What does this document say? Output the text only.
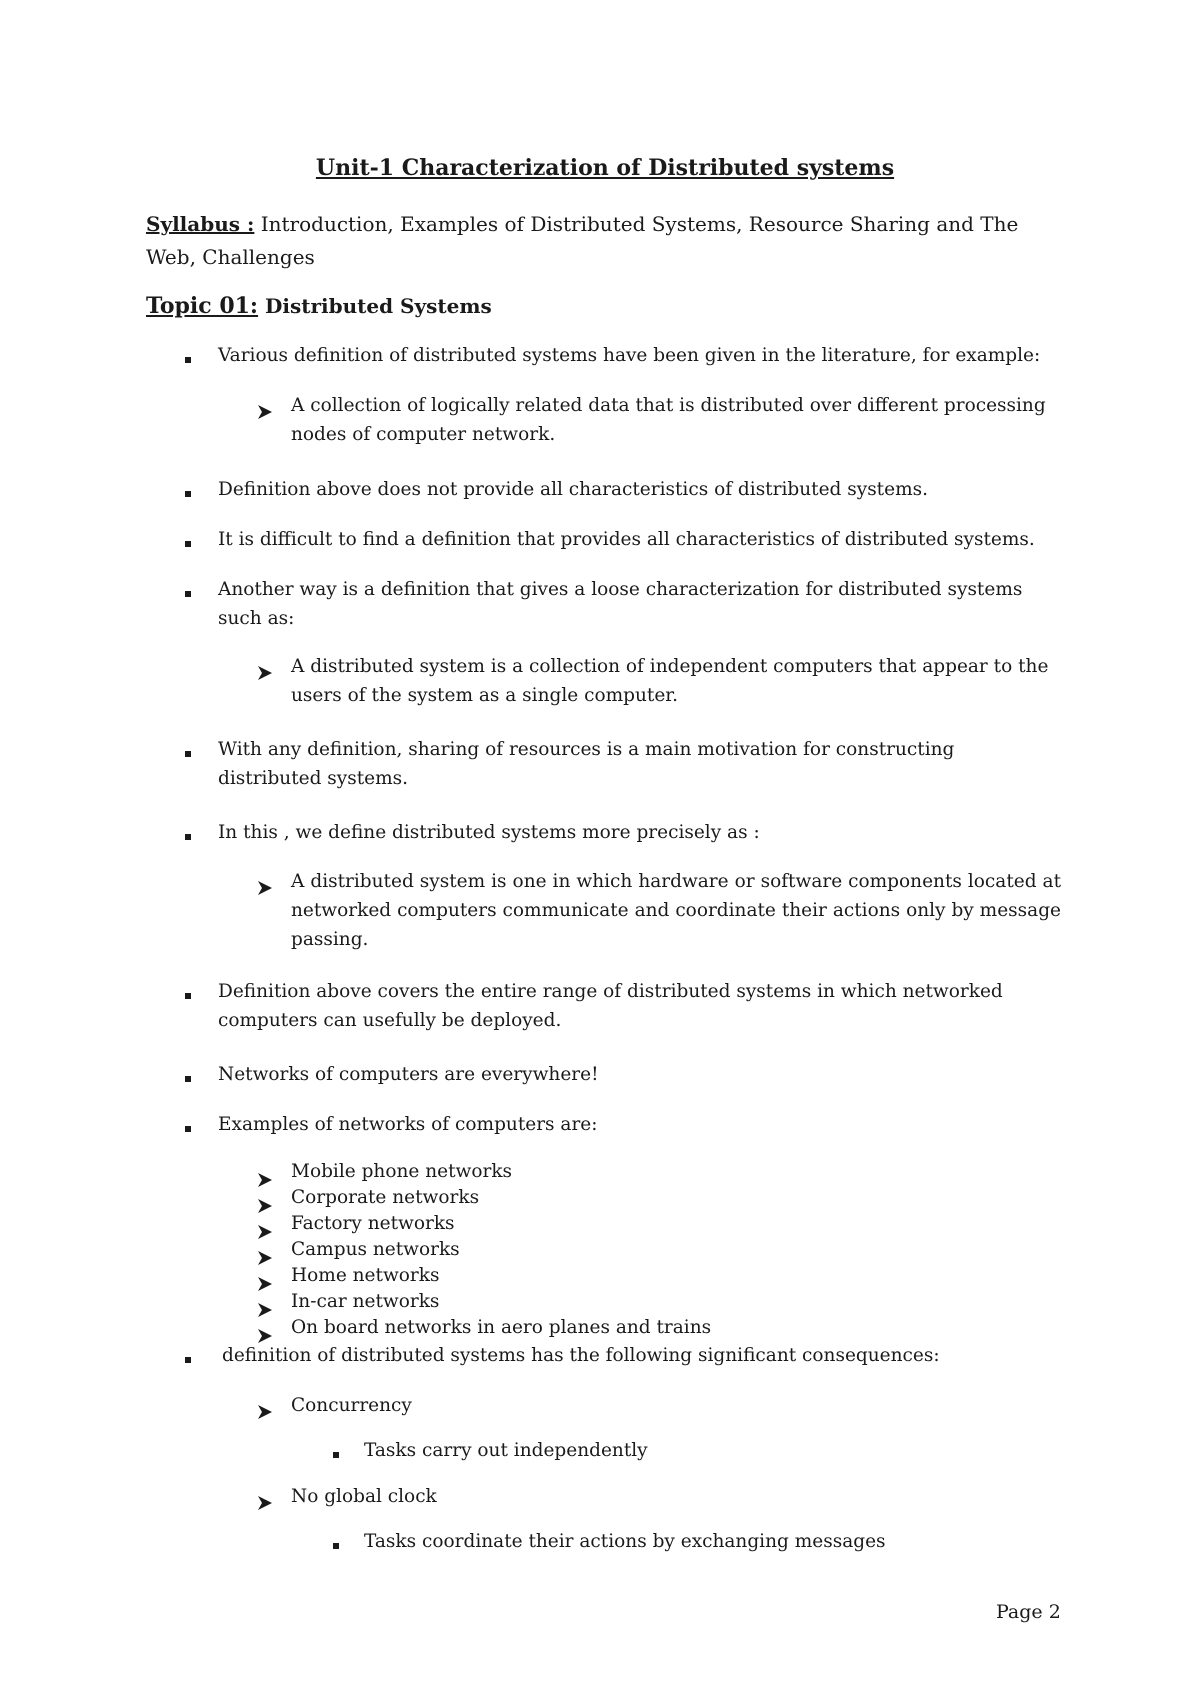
Unit-1 Characterization of Distributed systems
Syllabus : Introduction, Examples of Distributed Systems, Resource Sharing and The Web, Challenges
Topic 01: Distributed Systems
Various definition of distributed systems have been given in the literature, for example:
A collection of logically related data that is distributed over different processing nodes of computer network.
Definition above does not provide all characteristics of distributed systems.
It is difficult to find a definition that provides all characteristics of distributed systems.
Another way is a definition that gives a loose characterization for distributed systems such as:
A distributed system is a collection of independent computers that appear to the users of the system as a single computer.
With any definition, sharing of resources is a main motivation for constructing distributed systems.
In this , we define distributed systems more precisely as :
A distributed system is one in which hardware or software components located at networked computers communicate and coordinate their actions only by message passing.
Definition above covers the entire range of distributed systems in which networked computers can usefully be deployed.
Networks of computers are everywhere!
Examples of networks of computers are:
Mobile phone networks
Corporate networks
Factory networks
Campus networks
Home networks
In-car networks
On board networks in aero planes and trains
definition of distributed systems has the following significant consequences:
Concurrency
Tasks carry out independently
No global clock
Tasks coordinate their actions by exchanging messages
Page 2
